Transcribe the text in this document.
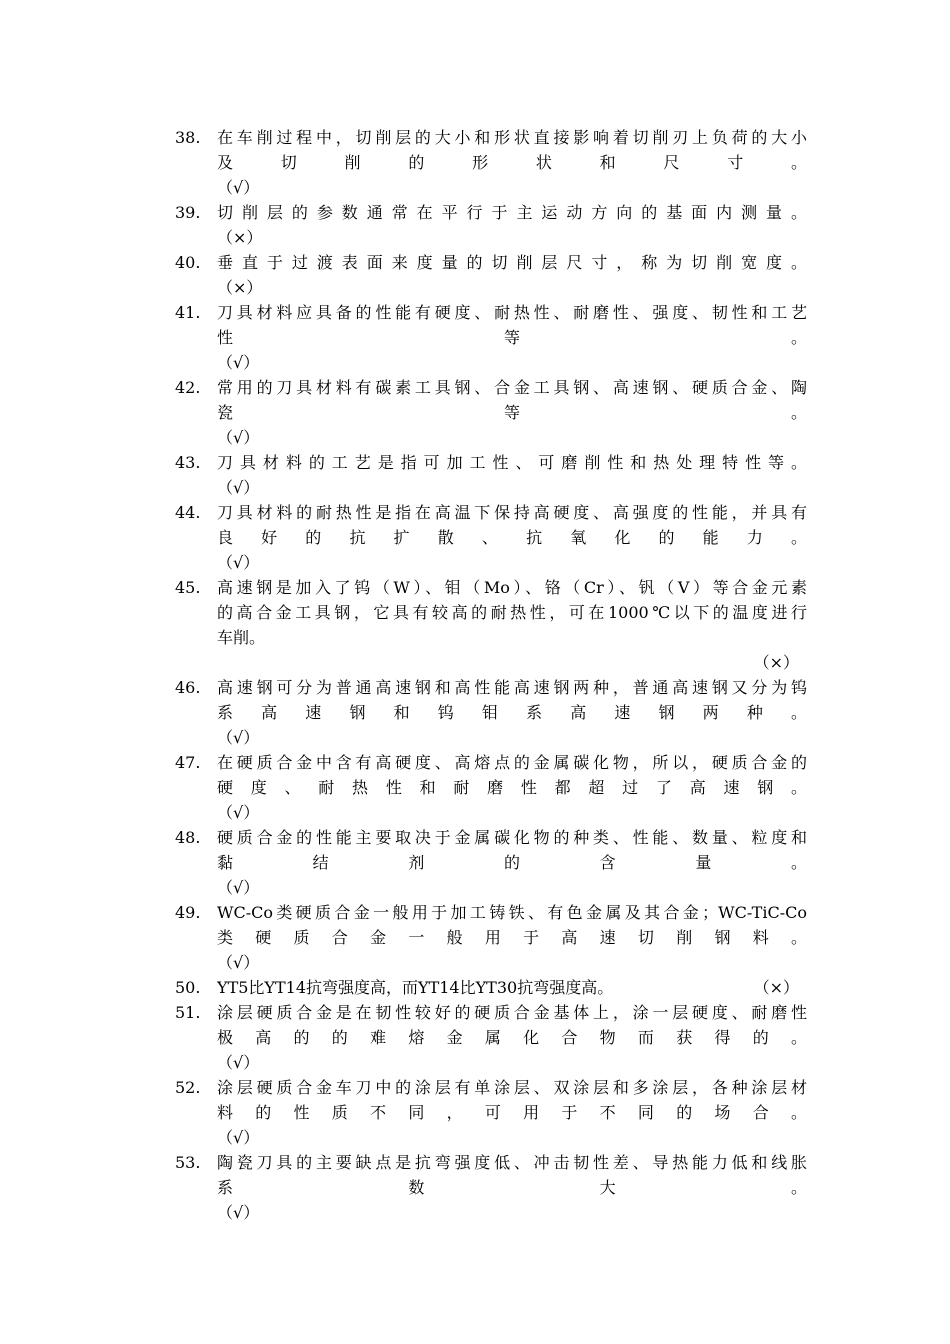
38.	在车削过程中，切削层的大小和形状直接影响着切削刃上负荷的大小
及切削的形状和尺寸。
（√）
39.	切削层的参数通常在平行于主运动方向的基面内测量。
（×）
40.	垂直于过渡表面来度量的切削层尺寸，称为切削宽度。
（×）
41.	刀具材料应具备的性能有硬度、耐热性、耐磨性、强度、韧性和工艺
性等。
（√）
42.	常用的刀具材料有碳素工具钢、合金工具钢、高速钢、硬质合金、陶
瓷等。
（√）
43.	刀具材料的工艺是指可加工性、可磨削性和热处理特性等。
（√）
44.	刀具材料的耐热性是指在高温下保持高硬度、高强度的性能，并具有
良好的抗扩散、抗氧化的能力。
（√）
45.	高速钢是加入了钨（W）、钼（Mo）、铬（Cr）、钒（V）等合金元素
的高合金工具钢，它具有较高的耐热性，可在1000℃以下的温度进行
车削。
（×）
46.	高速钢可分为普通高速钢和高性能高速钢两种，普通高速钢又分为钨
系高速钢和钨钼系高速钢两种。
（√）
47.	在硬质合金中含有高硬度、高熔点的金属碳化物，所以，硬质合金的
硬度、耐热性和耐磨性都超过了高速钢。
（√）
48.	硬质合金的性能主要取决于金属碳化物的种类、性能、数量、粒度和
黏结剂的含量。
（√）
49.	WC-Co类硬质合金一般用于加工铸铁、有色金属及其合金；WC-TiC-Co
类硬质合金一般用于高速切削钢料。
（√）
50.	YT5比YT14抗弯强度高，而YT14比YT30抗弯强度高。	（×）
51.	涂层硬质合金是在韧性较好的硬质合金基体上，涂一层硬度、耐磨性
极高的的难熔金属化合物而获得的。
（√）
52.	涂层硬质合金车刀中的涂层有单涂层、双涂层和多涂层，各种涂层材
料的性质不同，可用于不同的场合。
（√）
53.	陶瓷刀具的主要缺点是抗弯强度低、冲击韧性差、导热能力低和线胀
系数大。
（√）
